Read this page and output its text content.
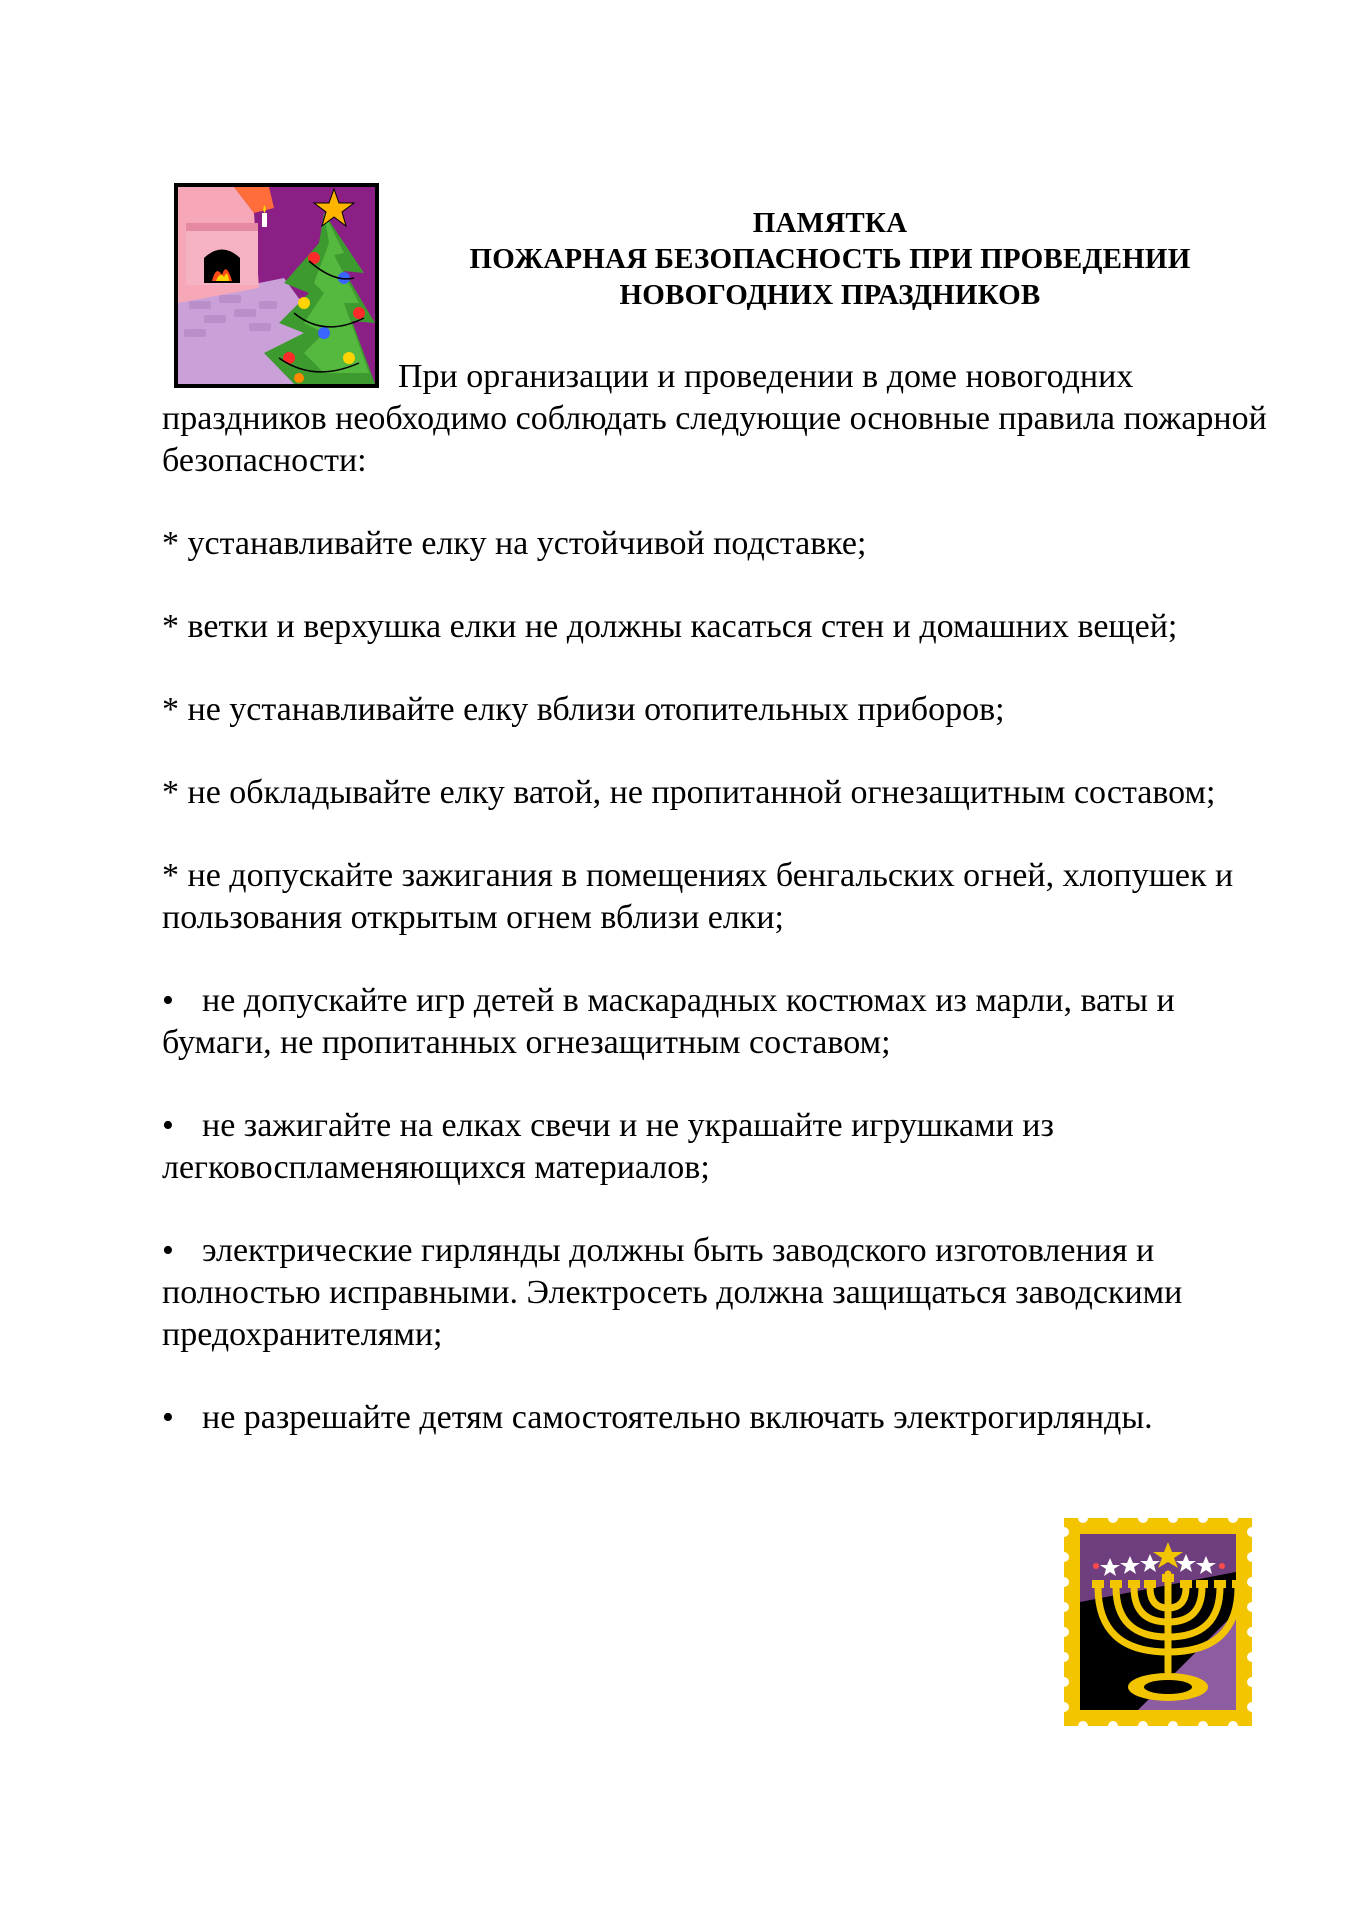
ПАМЯТКА
ПОЖАРНАЯ БЕЗОПАСНОСТЬ ПРИ ПРОВЕДЕНИИ
НОВОГОДНИХ ПРАЗДНИКОВ

При организации и проведении в доме новогодних праздников необходимо соблюдать следующие основные правила пожарной безопасности:

* устанавливайте елку на устойчивой подставке;

* ветки и верхушка елки не должны касаться стен и домашних вещей;

* не устанавливайте елку вблизи отопительных приборов;

* не обкладывайте елку ватой, не пропитанной огнезащитным составом;

* не допускайте зажигания в помещениях бенгальских огней, хлопушек и пользования открытым огнем вблизи елки;

• не допускайте игр детей в маскарадных костюмах из марли, ваты и бумаги, не пропитанных огнезащитным составом;

• не зажигайте на елках свечи и не украшайте игрушками из легковоспламеняющихся материалов;

• электрические гирлянды должны быть заводского изготовления и полностью исправными. Электросеть должна защищаться заводскими предохранителями;

• не разрешайте детям самостоятельно включать электрогирлянды.
